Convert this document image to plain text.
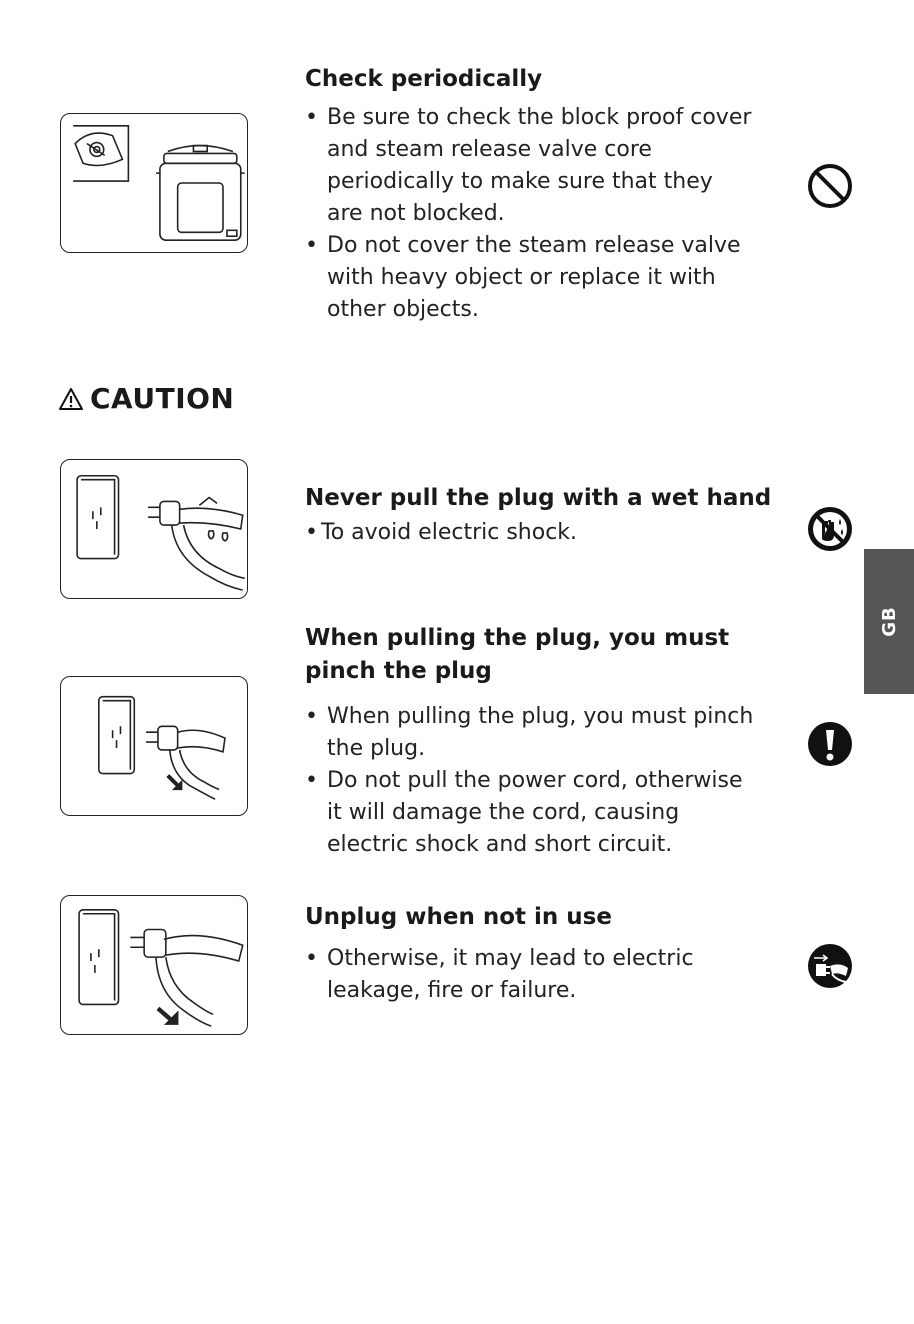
Check periodically
• Be sure to check the block proof cover and steam release valve core periodically to make sure that they are not blocked.
• Do not cover the steam release valve with heavy object or replace it with other objects.
CAUTION
Never pull the plug with a wet hand
• To avoid electric shock.
When pulling the plug, you must
pinch the plug
• When pulling the plug, you must pinch the plug.
• Do not pull the power cord, otherwise it will damage the cord, causing electric shock and short circuit.
Unplug when not in use
• Otherwise, it may lead to electric leakage, fire or failure.
GB
